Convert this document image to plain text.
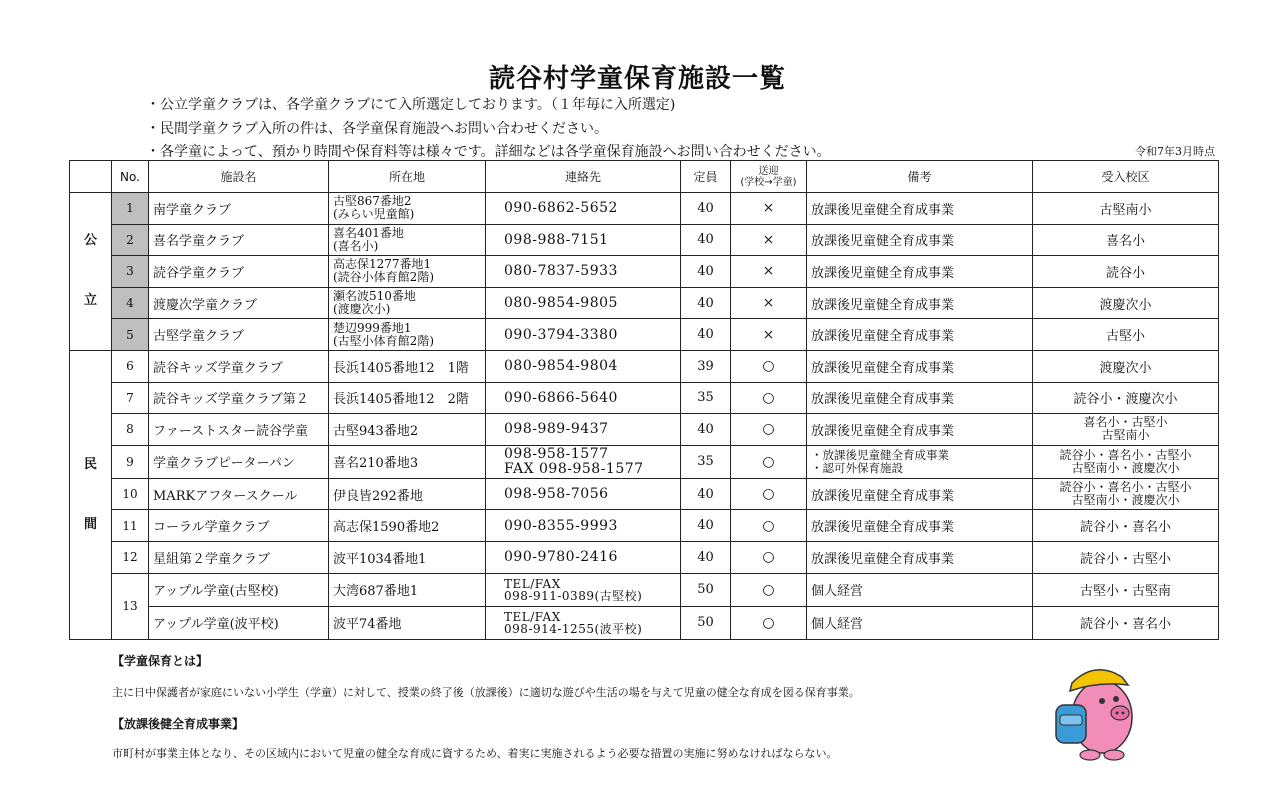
読谷村学童保育施設一覧
・公立学童クラブは、各学童クラブにて入所選定しております。（１年毎に入所選定)
・民間学童クラブ入所の件は、各学童保育施設へお問い合わせください。
・各学童によって、預かり時間や保育料等は様々です。詳細などは各学童保育施設へお問い合わせください。	令和7年3月時点
	No.	施設名	所在地	連絡先	定員	送迎
(学校→学童)	備考	受入校区
公

立	1	南学童クラブ	古堅867番地2
(みらい児童館)	090-6862-5652	40	×	放課後児童健全育成事業	古堅南小
	2	喜名学童クラブ	喜名401番地
(喜名小)	098-988-7151	40	×	放課後児童健全育成事業	喜名小
	3	読谷学童クラブ	高志保1277番地1
(読谷小体育館2階)	080-7837-5933	40	×	放課後児童健全育成事業	読谷小
	4	渡慶次学童クラブ	瀬名波510番地
(渡慶次小)	080-9854-9805	40	×	放課後児童健全育成事業	渡慶次小
	5	古堅学童クラブ	楚辺999番地1
(古堅小体育館2階)	090-3794-3380	40	×	放課後児童健全育成事業	古堅小
民

間	6	読谷キッズ学童クラブ	長浜1405番地12　1階	080-9854-9804	39	○	放課後児童健全育成事業	渡慶次小
	7	読谷キッズ学童クラブ第２	長浜1405番地12　2階	090-6866-5640	35	○	放課後児童健全育成事業	読谷小・渡慶次小
	8	ファーストスター読谷学童	古堅943番地2	098-989-9437	40	○	放課後児童健全育成事業	喜名小・古堅小
古堅南小
	9	学童クラブピーターパン	喜名210番地3	098-958-1577
FAX 098-958-1577	35	○	・放課後児童健全育成事業
・認可外保育施設	読谷小・喜名小・古堅小
古堅南小・渡慶次小
	10	MARKアフタースクール	伊良皆292番地	098-958-7056	40	○	放課後児童健全育成事業	読谷小・喜名小・古堅小
古堅南小・渡慶次小
	11	コーラル学童クラブ	高志保1590番地2	090-8355-9993	40	○	放課後児童健全育成事業	読谷小・喜名小
	12	星組第２学童クラブ	波平1034番地1	090-9780-2416	40	○	放課後児童健全育成事業	読谷小・古堅小
	13	アップル学童(古堅校)	大湾687番地1	TEL/FAX
098-911-0389(古堅校)	50	○	個人経営	古堅小・古堅南
		アップル学童(波平校)	波平74番地	TEL/FAX
098-914-1255(波平校)	50	○	個人経営	読谷小・喜名小
【学童保育とは】
主に日中保護者が家庭にいない小学生（学童）に対して、授業の終了後（放課後）に適切な遊びや生活の場を与えて児童の健全な育成を図る保育事業。
【放課後健全育成事業】
市町村が事業主体となり、その区域内において児童の健全な育成に資するため、着実に実施されるよう必要な措置の実施に努めなければならない。
